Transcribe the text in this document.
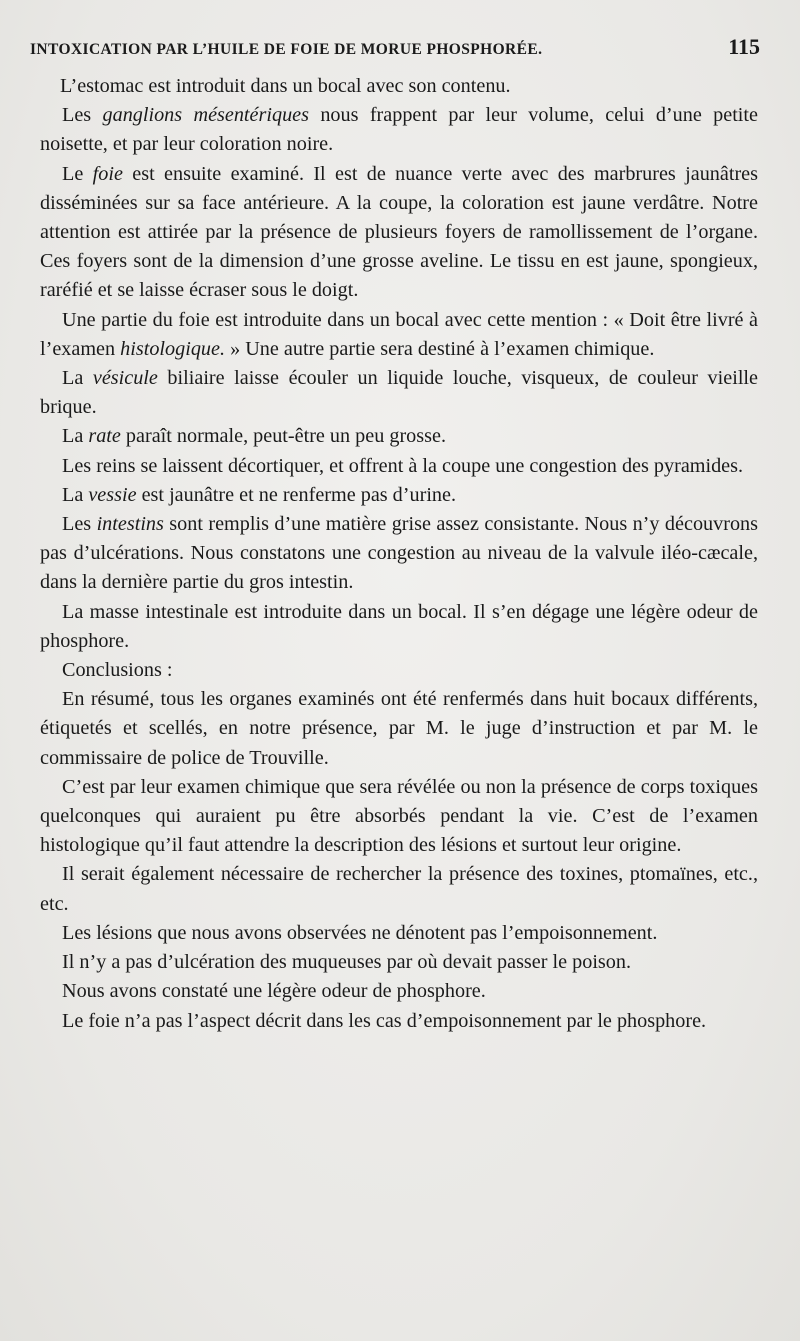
INTOXICATION PAR L’HUILE DE FOIE DE MORUE PHOSPHORÉE.	115

L’estomac est introduit dans un bocal avec son contenu.

Les ganglions mésentériques nous frappent par leur volume, celui d’une petite noisette, et par leur coloration noire.

Le foie est ensuite examiné. Il est de nuance verte avec des marbrures jaunâtres disséminées sur sa face antérieure. A la coupe, la coloration est jaune verdâtre. Notre attention est attirée par la présence de plusieurs foyers de ramollissement de l’organe. Ces foyers sont de la dimension d’une grosse aveline. Le tissu en est jaune, spongieux, raréfié et se laisse écraser sous le doigt.

Une partie du foie est introduite dans un bocal avec cette mention : « Doit être livré à l’examen histologique. » Une autre partie sera destiné à l’examen chimique.

La vésicule biliaire laisse écouler un liquide louche, visqueux, de couleur vieille brique.

La rate paraît normale, peut-être un peu grosse.

Les reins se laissent décortiquer, et offrent à la coupe une congestion des pyramides.

La vessie est jaunâtre et ne renferme pas d’urine.

Les intestins sont remplis d’une matière grise assez consistante. Nous n’y découvrons pas d’ulcérations. Nous constatons une congestion au niveau de la valvule iléo-cæcale, dans la dernière partie du gros intestin.

La masse intestinale est introduite dans un bocal. Il s’en dégage une légère odeur de phosphore.

Conclusions :

En résumé, tous les organes examinés ont été renfermés dans huit bocaux différents, étiquetés et scellés, en notre présence, par M. le juge d’instruction et par M. le commissaire de police de Trouville.

C’est par leur examen chimique que sera révélée ou non la présence de corps toxiques quelconques qui auraient pu être absorbés pendant la vie. C’est de l’examen histologique qu’il faut attendre la description des lésions et surtout leur origine.

Il serait également nécessaire de rechercher la présence des toxines, ptomaïnes, etc., etc.

Les lésions que nous avons observées ne dénotent pas l’empoisonnement.

Il n’y a pas d’ulcération des muqueuses par où devait passer le poison.

Nous avons constaté une légère odeur de phosphore.

Le foie n’a pas l’aspect décrit dans les cas d’empoisonnement par le phosphore.
